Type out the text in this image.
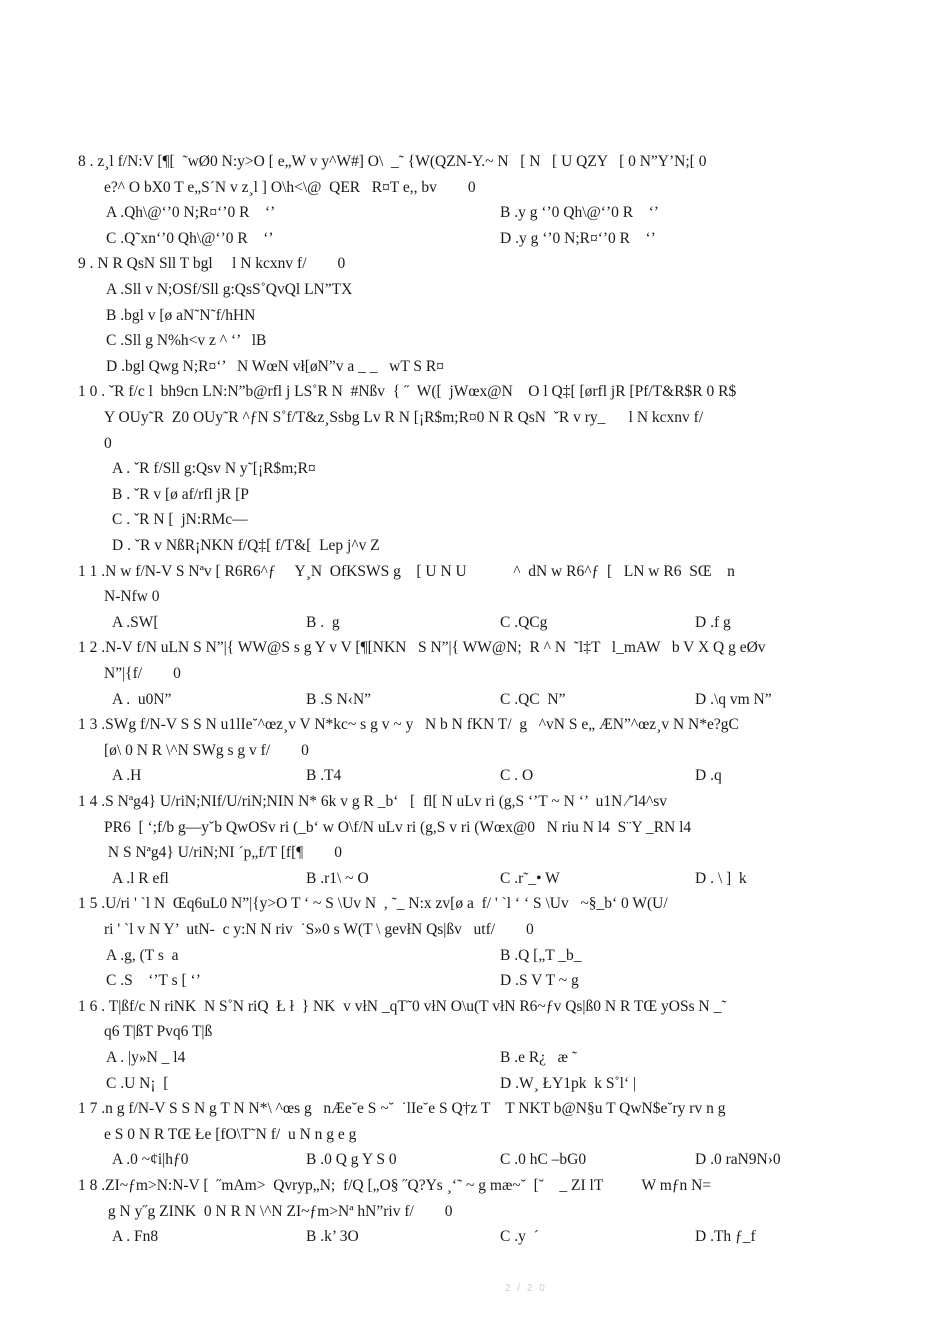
8 . z¸l f/N:V [¶[  ˜wØ0 N:y>O [ e„W v y^W#] O\  _˜ {W(QZN-Y.~ N   [ N   [ U QZY   [ 0 N”Y’N;[ 0
e?^ O bX0 T e„S´N v z¸l ] O\h<\@  QER   R¤T e,, bv        0
A .Qh\@‘’0 N;R¤‘’0 R    ‘’	B .y g ‘’0 Qh\@‘’0 R    ‘’
C .Q˜xn‘’0 Qh\@‘’0 R    ‘’	D .y g ‘’0 N;R¤‘’0 R    ‘’
9 . N R QsN Sll T bgl     l N kcxnv f/        0
A .Sll v N;OSf/Sll g:QsS˚QvQl LN”TX
B .bgl v [ø aN˜N˜f/hHN
C .Sll g N%h<v z ^ ‘’   lB
D .bgl Qwg N;R¤‘’   N WœN vł[øN”v a _ _   wT S R¤
1 0 . ˇR f/c l  bh9cn LN:N”b@rfl j LS˚R N  #Nßv  { ˝  W([  jWœx@N    O l Q‡[ [ørfl jR [Pf/T&R$R 0 R$
Y OUy˜R  Z0 OUy˜R ^ƒN S˚f/T&z¸Ssbg Lv R N [¡R$m;R¤0 N R QsN  ˇR v ry_      l N kcxnv f/
0
A . ˇR f/Sll g:Qsv N y˜[¡R$m;R¤
B . ˇR v [ø af/rfl jR [P
C . ˇR N [  jN:RMc—
D . ˇR v NßR¡NKN f/Q‡[ f/T&[  Lep j^v Z
1 1 .N w f/N-V S Nªv [ R6R6^ƒ     Y¸N  OfKSWS g    [ U N U            ^  dN w R6^ƒ  [   LN w R6  SŒ    n
N-Nfw 0
A .SW[	B .  g	C .QCg	D .f g
1 2 .N-V f/N uLN S N”|{ WW@S s g Y v V [¶[NKN   S N”|{ WW@N;  R ^ N  ˜l‡T   l_mAW   b V X Q g eØv
N”|{f/        0
A .  u0N”	B .S N‹N”	C .QC  N”	D .\q vm N”
1 3 .SWg f/N-V S S N u1lIe˘^œz¸v V N*kc~ s g v ~ y   N b N fKN T/  g   ^vN S e„ ÆN”^œz¸v N N*e?gC
[ø\ 0 N R \^N SWg s g v f/        0
A .H	B .T4	C . O	D .q
1 4 .S Nªg4} U/riN;NIf/U/riN;NIN N* 6k v g R _b‘   [  fl[ N uLv ri (g,S ‘’T ~ N ‘’  u1N ⁄˘l4^sv
PR6  [ ‘;f/b g—y˘b QwOSv ri (_b‘ w O\f/N uLv ri (g,S v ri (Wœx@0   N riu N l4  S¨Y _RN l4
N S Nªg4} U/riN;NI ´p„f/T [f[¶        0
A .l R efl	B .r1\ ~ O	C .r˜_• W	D . \ ]  k
1 5 .U/ri ' `l N  Œq6uL0 N”|{y>O T ‘ ~ S \Uv N  , ˜_ N:x zv[ø a  f/ ' `l ‘ ‘ S \Uv   ~§_b‘ 0 W(U/
ri ' `l v N Y’  utN-  c y:N N riv  ˙S»0 s W(T \ gevłN Qs|ßv   utf/        0
A .g, (T s  a	B .Q [„T _b_
C .S    ‘’T s [ ‘’	D .S V T ~ g
1 6 . T|ßf/c N riNK  N S˚N riQ  Ł ł  } NK  v vłN _qT˜0 vłN O\u(T vłN R6~ƒv Qs|ß0 N R TŒ yOSs N _˜
q6 T|ßT Pvq6 T|ß
A . |y»N _ l4	B .e R¿   æ ˜
C .U N¡  [	D .W¸ ŁY1pk  k S˚l‘ |
1 7 .n g f/N-V S S N g T N N*\ ^œs g   nÆe˘e S ~˘  ˙lIe˘e S Q†z T    T NKT b@N§u T QwN$e˘ry rv n g
e S 0 N R TŒ Łe [fO\T˜N f/  u N n g e g
A .0 ~¢i|hƒ0	B .0 Q g Y S 0	C .0 hC –bG0	D .0 raN9N›0
1 8 .ZI~ƒm>N:N-V [  ˝mAm>  Qvryp„N;  f/Q [„O§ ˝Q?Ys ¸‘˜ ~ g mæ~˘  [˘    _ ZI lT          W mƒn N=
g N y˝g ZINK  0 N R N \^N ZI~ƒm>Nª hN”riv f/        0
A . Fn8	B .k’ 3O	C .y  ´	D .Th ƒ_f
2 / 2 0
